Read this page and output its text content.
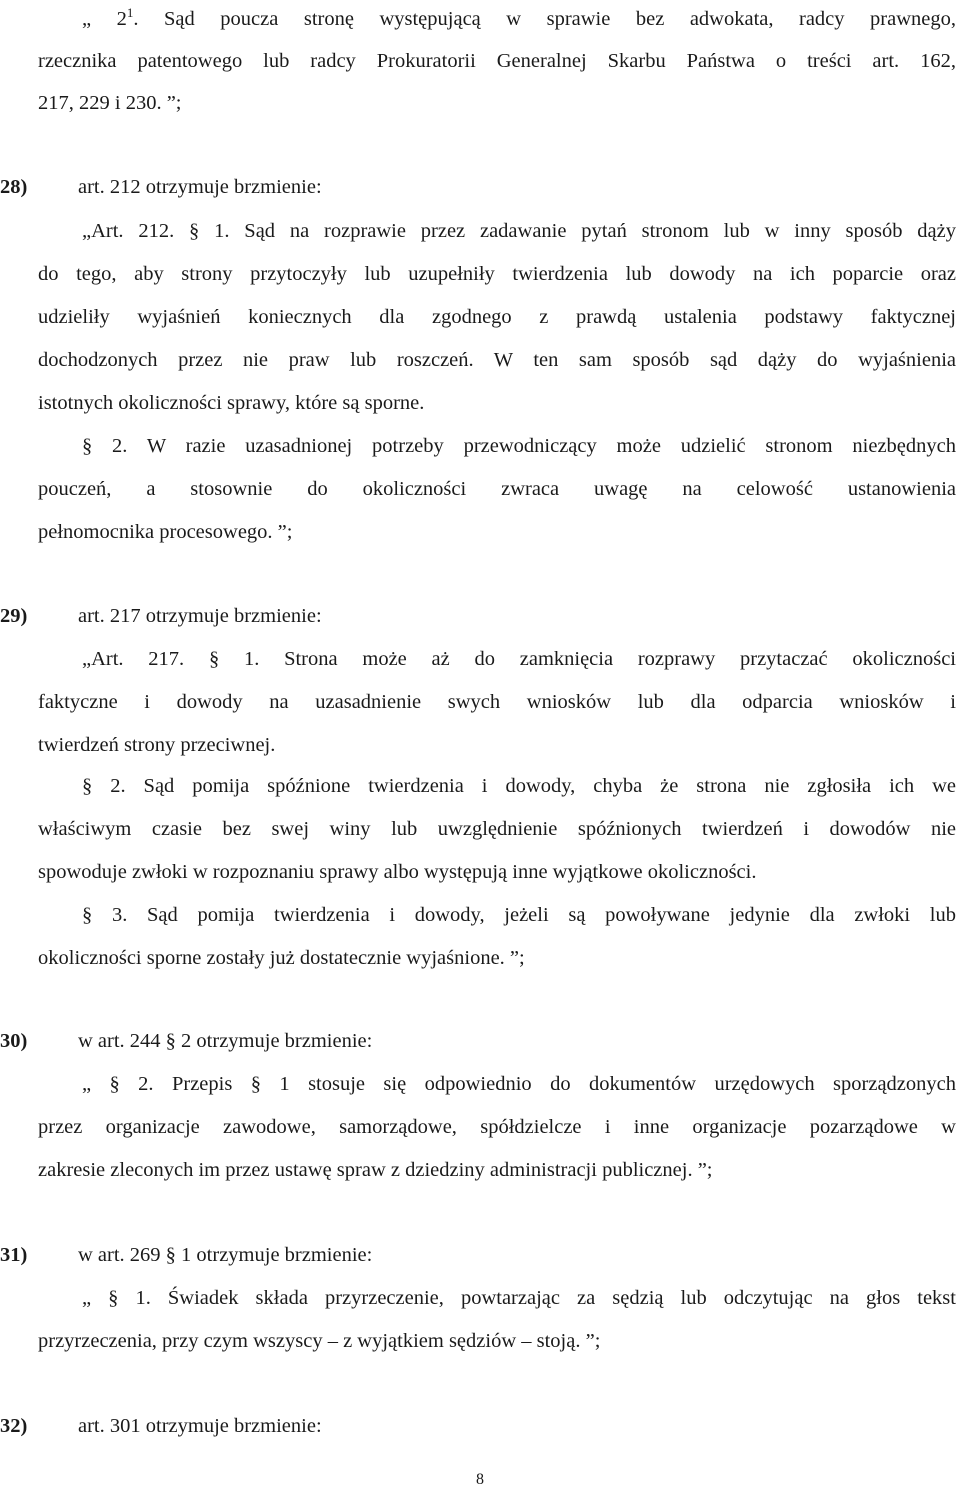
„ $2^1$. Sąd poucza stronę występującą w sprawie bez adwokata, radcy prawnego,

rzecznika patentowego lub radcy Prokuratorii Generalnej Skarbu Państwa o treści art. 162,

217, 229 i 230. ”;

28) art. 212 otrzymuje brzmienie:

„Art. 212. § 1. Sąd na rozprawie przez zadawanie pytań stronom lub w inny sposób dąży

do tego, aby strony przytoczyły lub uzupełniły twierdzenia lub dowody na ich poparcie oraz

udzieliły wyjaśnień koniecznych dla zgodnego z prawdą ustalenia podstawy faktycznej

dochodzonych przez nie praw lub roszczeń. W ten sam sposób sąd dąży do wyjaśnienia

istotnych okoliczności sprawy, które są sporne.

§ 2. W razie uzasadnionej potrzeby przewodniczący może udzielić stronom niezbędnych

pouczeń, a stosownie do okoliczności zwraca uwagę na celowość ustanowienia

pełnomocnika procesowego. ”;

29) art. 217 otrzymuje brzmienie:

„Art. 217. § 1. Strona może aż do zamknięcia rozprawy przytaczać okoliczności

faktyczne i dowody na uzasadnienie swych wniosków lub dla odparcia wniosków i

twierdzeń strony przeciwnej.

§ 2. Sąd pomija spóźnione twierdzenia i dowody, chyba że strona nie zgłosiła ich we

właściwym czasie bez swej winy lub uwzględnienie spóźnionych twierdzeń i dowodów nie

spowoduje zwłoki w rozpoznaniu sprawy albo występują inne wyjątkowe okoliczności.

§ 3. Sąd pomija twierdzenia i dowody, jeżeli są powoływane jedynie dla zwłoki lub

okoliczności sporne zostały już dostatecznie wyjaśnione. ”;

30) w art. 244 § 2 otrzymuje brzmienie:

„ § 2. Przepis § 1 stosuje się odpowiednio do dokumentów urzędowych sporządzonych

przez organizacje zawodowe, samorządowe, spółdzielcze i inne organizacje pozarządowe w

zakresie zleconych im przez ustawę spraw z dziedziny administracji publicznej. ”;

31) w art. 269 § 1 otrzymuje brzmienie:

„ § 1. Świadek składa przyrzeczenie, powtarzając za sędzią lub odczytując na głos tekst

przyrzeczenia, przy czym wszyscy – z wyjątkiem sędziów – stoją. ”;

32) art. 301 otrzymuje brzmienie:
8
